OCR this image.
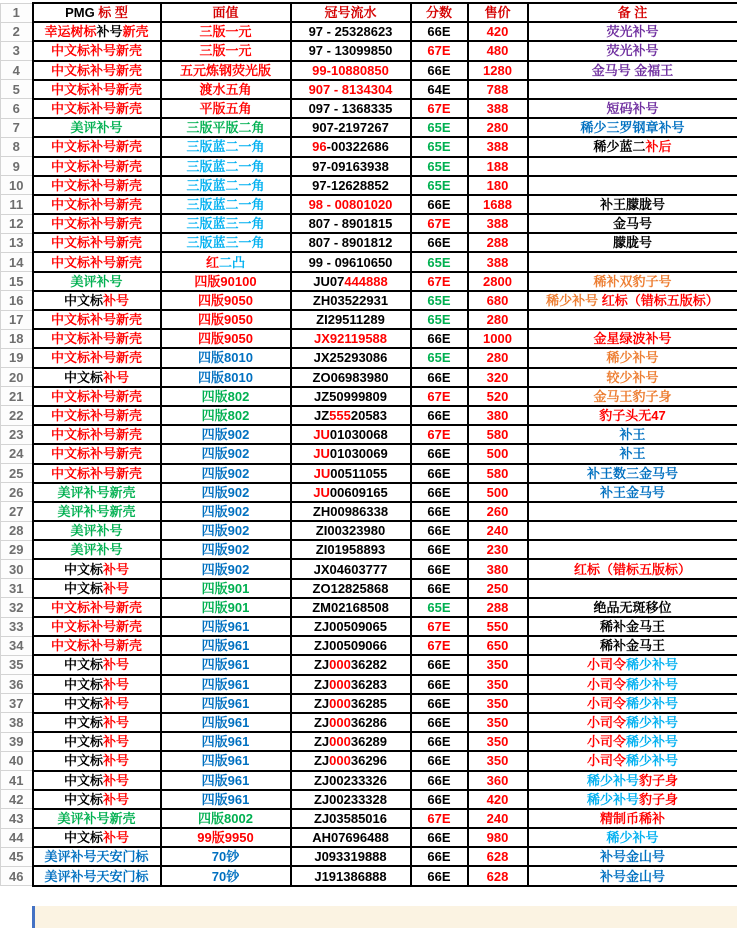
1	PMG 标 型	面值	冠号流水	分数	售价	备 注
2	幸运树标补号新壳	三版一元	97 - 25328623	66E	420	荧光补号
3	中文标补号新壳	三版一元	97 - 13099850	67E	480	荧光补号
4	中文标补号新壳	五元炼钢荧光版	99-10880850	66E	1280	金马号 金福王
5	中文标补号新壳	渡水五角	907 - 8134304	64E	788	
6	中文标补号新壳	平版五角	097 - 1368335	67E	388	短码补号
7	美评补号	三版平版二角	907-2197267	65E	280	稀少三罗钢章补号
8	中文标补号新壳	三版蓝二一角	96-00322686	65E	388	稀少蓝二补后
9	中文标补号新壳	三版蓝二一角	97-09163938	65E	188	
10	中文标补号新壳	三版蓝二一角	97-12628852	65E	180	
11	中文标补号新壳	三版蓝二一角	98 - 00801020	66E	1688	补王朦胧号
12	中文标补号新壳	三版蓝三一角	807 - 8901815	67E	388	金马号
13	中文标补号新壳	三版蓝三一角	807 - 8901812	66E	288	朦胧号
14	中文标补号新壳	红二凸	99 - 09610650	65E	388	
15	美评补号	四版90100	JU07444888	67E	2800	稀补双豹子号
16	中文标补号	四版9050	ZH03522931	65E	680	稀少补号 红标（错标五版标）
17	中文标补号新壳	四版9050	ZI29511289	65E	280	
18	中文标补号新壳	四版9050	JX92119588	66E	1000	金星绿波补号
19	中文标补号新壳	四版8010	JX25293086	65E	280	稀少补号
20	中文标补号	四版8010	ZO06983980	66E	320	较少补号
21	中文标补号新壳	四版802	JZ50999809	67E	520	金马王豹子身
22	中文标补号新壳	四版802	JZ55520583	66E	380	豹子头无47
23	中文标补号新壳	四版902	JU01030068	67E	580	补王
24	中文标补号新壳	四版902	JU01030069	66E	500	补王
25	中文标补号新壳	四版902	JU00511055	66E	580	补王数三金马号
26	美评补号新壳	四版902	JU00609165	66E	500	补王金马号
27	美评补号新壳	四版902	ZH00986338	66E	260	
28	美评补号	四版902	ZI00323980	66E	240	
29	美评补号	四版902	ZI01958893	66E	230	
30	中文标补号	四版902	JX04603777	66E	380	红标（错标五版标）
31	中文标补号	四版901	ZO12825868	66E	250	
32	中文标补号新壳	四版901	ZM02168508	65E	288	绝品无斑移位
33	中文标补号新壳	四版961	ZJ00509065	67E	550	稀补金马王
34	中文标补号新壳	四版961	ZJ00509066	67E	650	稀补金马王
35	中文标补号	四版961	ZJ00036282	66E	350	小司令稀少补号
36	中文标补号	四版961	ZJ00036283	66E	350	小司令稀少补号
37	中文标补号	四版961	ZJ00036285	66E	350	小司令稀少补号
38	中文标补号	四版961	ZJ00036286	66E	350	小司令稀少补号
39	中文标补号	四版961	ZJ00036289	66E	350	小司令稀少补号
40	中文标补号	四版961	ZJ00036296	66E	350	小司令稀少补号
41	中文标补号	四版961	ZJ00233326	66E	360	稀少补号豹子身
42	中文标补号	四版961	ZJ00233328	66E	420	稀少补号豹子身
43	美评补号新壳	四版8002	ZJ03585016	67E	240	精制币稀补
44	中文标补号	99版9950	AH07696488	66E	980	稀少补号
45	美评补号天安门标	70钞	J093319888	66E	628	补号金山号
46	美评补号天安门标	70钞	J191386888	66E	628	补号金山号
